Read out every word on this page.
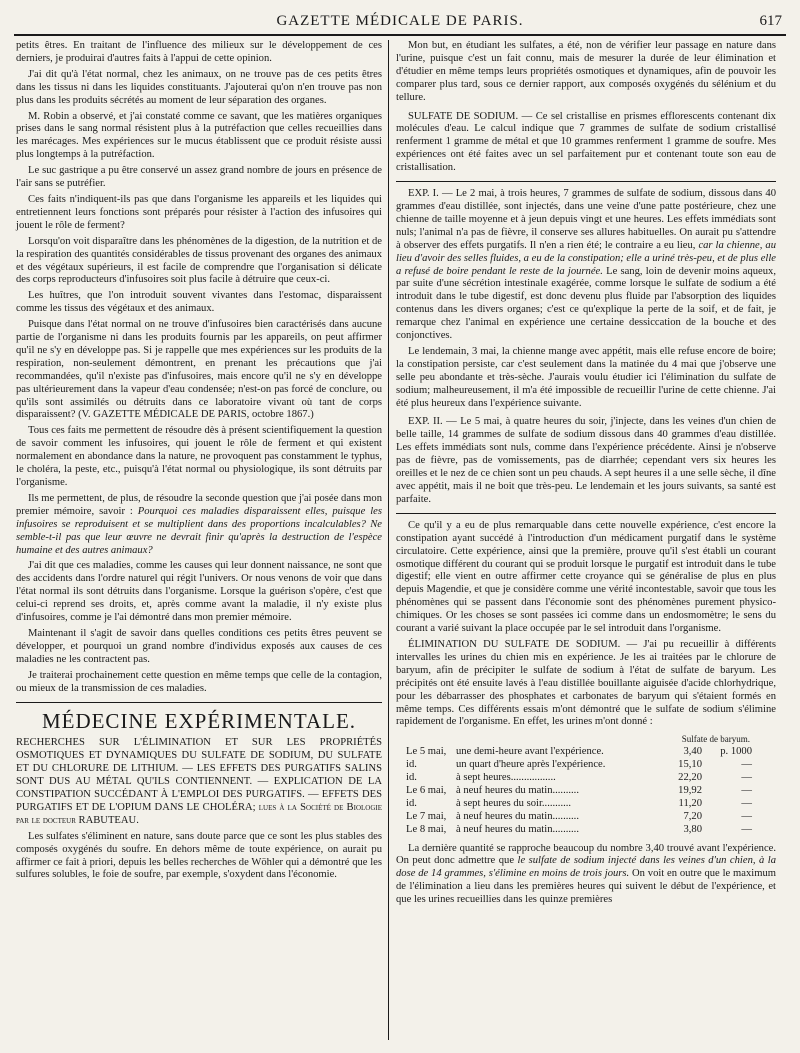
GAZETTE MÉDICALE DE PARIS.	617

petits êtres. En traitant de l'influence des milieux sur le développement de ces derniers, je produirai d'autres faits à l'appui de cette opinion.

J'ai dit qu'à l'état normal, chez les animaux, on ne trouve pas de ces petits êtres dans les tissus ni dans les liquides constituants. J'ajouterai qu'on n'en trouve pas non plus dans les produits sécrétés au moment de leur séparation des organes.

M. Robin a observé, et j'ai constaté comme ce savant, que les matières organiques prises dans le sang normal résistent plus à la putréfaction que celles recueillies dans les marécages. Mes expériences sur le mucus établissent que ce produit résiste aussi plus longtemps à la putréfaction.

Le suc gastrique a pu être conservé un assez grand nombre de jours en présence de l'air sans se putréfier.

Ces faits n'indiquent-ils pas que dans l'organisme les appareils et les liquides qui entretiennent leurs fonctions sont préparés pour résister à l'action des infusoires qui jouent le rôle de ferment?

Lorsqu'on voit disparaître dans les phénomènes de la digestion, de la nutrition et de la respiration des quantités considérables de tissus provenant des organes des animaux et des végétaux supérieurs, il est facile de comprendre que l'organisation si délicate des corps reproducteurs d'infusoires soit plus facile à détruire que ceux-ci.

Les huîtres, que l'on introduit souvent vivantes dans l'estomac, disparaissent comme les tissus des végétaux et des animaux.

Puisque dans l'état normal on ne trouve d'infusoires bien caractérisés dans aucune partie de l'organisme ni dans les produits fournis par les appareils, on peut affirmer qu'il ne s'y en développe pas. Si je rappelle que mes expériences sur les produits de la respiration, non-seulement démontrent, en prenant les précautions que j'ai recommandées, qu'il n'existe pas d'infusoires, mais encore qu'il ne s'y en développe pas ultérieurement dans la vapeur d'eau condensée; n'est-on pas forcé de conclure, ou qu'ils sont assimilés ou détruits dans ce laboratoire vivant où tant de corps disparaissent? (V. GAZETTE MÉDICALE DE PARIS, octobre 1867.)

Tous ces faits me permettent de résoudre dès à présent scientifiquement la question de savoir comment les infusoires, qui jouent le rôle de ferment et qui existent normalement en abondance dans la nature, ne provoquent pas constamment le typhus, le choléra, la peste, etc., puisqu'à l'état normal ou physiologique, ils sont détruits par l'organisme.

Ils me permettent, de plus, de résoudre la seconde question que j'ai posée dans mon premier mémoire, savoir : Pourquoi ces maladies disparaissent elles, puisque les infusoires se reproduisent et se multiplient dans des proportions incalculables? Ne semble-t-il pas que leur œuvre ne devrait finir qu'après la destruction de l'espèce humaine et des autres animaux?

J'ai dit que ces maladies, comme les causes qui leur donnent naissance, ne sont que des accidents dans l'ordre naturel qui régit l'univers. Or nous venons de voir que dans l'état normal ils sont détruits dans l'organisme. Lorsque la guérison s'opère, c'est que celui-ci reprend ses droits, et, après comme avant la maladie, il n'y existe plus d'infusoires, comme je l'ai démontré dans mon premier mémoire.

Maintenant il s'agit de savoir dans quelles conditions ces petits êtres peuvent se développer, et pourquoi un grand nombre d'individus exposés aux causes de ces maladies ne les contractent pas.

Je traiterai prochainement cette question en même temps que celle de la contagion, ou mieux de la transmission de ces maladies.

MÉDECINE EXPÉRIMENTALE.

RECHERCHES SUR L'ÉLIMINATION ET SUR LES PROPRIÉTÉS OSMOTIQUES ET DYNAMIQUES DU SULFATE DE SODIUM, DU SULFATE ET DU CHLORURE DE LITHIUM. — LES EFFETS DES PURGATIFS SALINS SONT DUS AU MÉTAL QU'ILS CONTIENNENT. — EXPLICATION DE LA CONSTIPATION SUCCÉDANT À L'EMPLOI DES PURGATIFS. — EFFETS DES PURGATIFS ET DE L'OPIUM DANS LE CHOLÉRA; lues à la Société de Biologie par le docteur RABUTEAU.

Les sulfates s'éliminent en nature, sans doute parce que ce sont les plus stables des composés oxygénés du soufre. En dehors même de toute expérience, on aurait pu affirmer ce fait à priori, depuis les belles recherches de Wöhler qui a démontré que les sulfures solubles, le foie de soufre, par exemple, s'oxydent dans l'économie.

Mon but, en étudiant les sulfates, a été, non de vérifier leur passage en nature dans l'urine, puisque c'est un fait connu, mais de mesurer la durée de leur élimination et d'étudier en même temps leurs propriétés osmotiques et dynamiques, afin de pouvoir les comparer plus tard, sous ce dernier rapport, aux composés oxygénés du sélénium et du tellure.

SULFATE DE SODIUM. — Ce sel cristallise en prismes efflorescents contenant dix molécules d'eau. Le calcul indique que 7 grammes de sulfate de sodium cristallisé renferment 1 gramme de métal et que 10 grammes renferment 1 gramme de soufre. Mes expériences ont été faites avec un sel parfaitement pur et contenant toute son eau de cristallisation.

EXP. I. — Le 2 mai, à trois heures, 7 grammes de sulfate de sodium, dissous dans 40 grammes d'eau distillée, sont injectés, dans une veine d'une patte postérieure, chez une chienne de taille moyenne et à jeun depuis vingt et une heures. Les effets immédiats sont nuls; l'animal n'a pas de fièvre, il conserve ses allures habituelles. On aurait pu s'attendre à observer des effets purgatifs. Il n'en a rien été; le contraire a eu lieu, car la chienne, au lieu d'avoir des selles fluides, a eu de la constipation; elle a uriné très-peu, et de plus elle a refusé de boire pendant le reste de la journée. Le sang, loin de devenir moins aqueux, par suite d'une sécrétion intestinale exagérée, comme lorsque le sulfate de sodium a été introduit dans le tube digestif, est donc devenu plus fluide par l'absorption des liquides contenus dans les divers organes; c'est ce qu'explique la perte de la soif, et de fait, je remarque chez l'animal en expérience une certaine dessiccation de la bouche et des conjonctives.

Le lendemain, 3 mai, la chienne mange avec appétit, mais elle refuse encore de boire; la constipation persiste, car c'est seulement dans la matinée du 4 mai que j'observe une selle peu abondante et très-sèche. J'aurais voulu étudier ici l'élimination du sulfate de sodium; malheureusement, il m'a été impossible de recueillir l'urine de cette chienne. J'ai été plus heureux dans l'expérience suivante.

EXP. II. — Le 5 mai, à quatre heures du soir, j'injecte, dans les veines d'un chien de belle taille, 14 grammes de sulfate de sodium dissous dans 40 grammes d'eau distillée. Les effets immédiats sont nuls, comme dans l'expérience précédente. Ainsi je n'observe pas de fièvre, pas de vomissements, pas de diarrhée; cependant vers six heures les oreilles et le nez de ce chien sont un peu chauds. A sept heures il a une selle sèche, il dîne avec appétit, mais il ne boit que très-peu. Le lendemain et les jours suivants, sa santé est parfaite.

Ce qu'il y a eu de plus remarquable dans cette nouvelle expérience, c'est encore la constipation ayant succédé à l'introduction d'un médicament purgatif dans le système circulatoire. Cette expérience, ainsi que la première, prouve qu'il s'est établi un courant osmotique différent du courant qui se produit lorsque le purgatif est introduit dans le tube digestif; elle vient en outre affirmer cette croyance qui se généralise de plus en plus depuis Magendie, et que je considère comme une vérité incontestable, savoir que tous les phénomènes qui se passent dans l'économie sont des phénomènes purement physico-chimiques. Or les choses se sont passées ici comme dans un endosmomètre; le sens du courant a varié suivant la place occupée par le sel introduit dans l'organisme.

ÉLIMINATION DU SULFATE DE SODIUM. — J'ai pu recueillir à différents intervalles les urines du chien mis en expérience. Je les ai traitées par le chlorure de baryum, afin de précipiter le sulfate de sodium à l'état de sulfate de baryum. Les précipités ont été ensuite lavés à l'eau distillée bouillante aiguisée d'acide chlorhydrique, pour les débarrasser des phosphates et carbonates de baryum qui s'étaient formés en même temps. Ces différents essais m'ont démontré que le sulfate de sodium s'élimine rapidement de l'organisme. En effet, les urines m'ont donné :

Sulfate de baryum.
Le 5 mai, une demi-heure avant l'expérience.	3,40	p. 1000
id.	un quart d'heure après l'expérience.	15,10	—
id.	à sept heures.................	22,20	—
Le 6 mai, à neuf heures du matin..........	19,92	—
id.	à sept heures du soir...........	11,20	—
Le 7 mai, à neuf heures du matin..........	7,20	—
Le 8 mai, à neuf heures du matin..........	3,80	—

La dernière quantité se rapproche beaucoup du nombre 3,40 trouvé avant l'expérience. On peut donc admettre que le sulfate de sodium injecté dans les veines d'un chien, à la dose de 14 grammes, s'élimine en moins de trois jours. On voit en outre que le maximum de l'élimination a lieu dans les premières heures qui suivent le début de l'expérience, et que les urines recueillies dans les quinze premières
